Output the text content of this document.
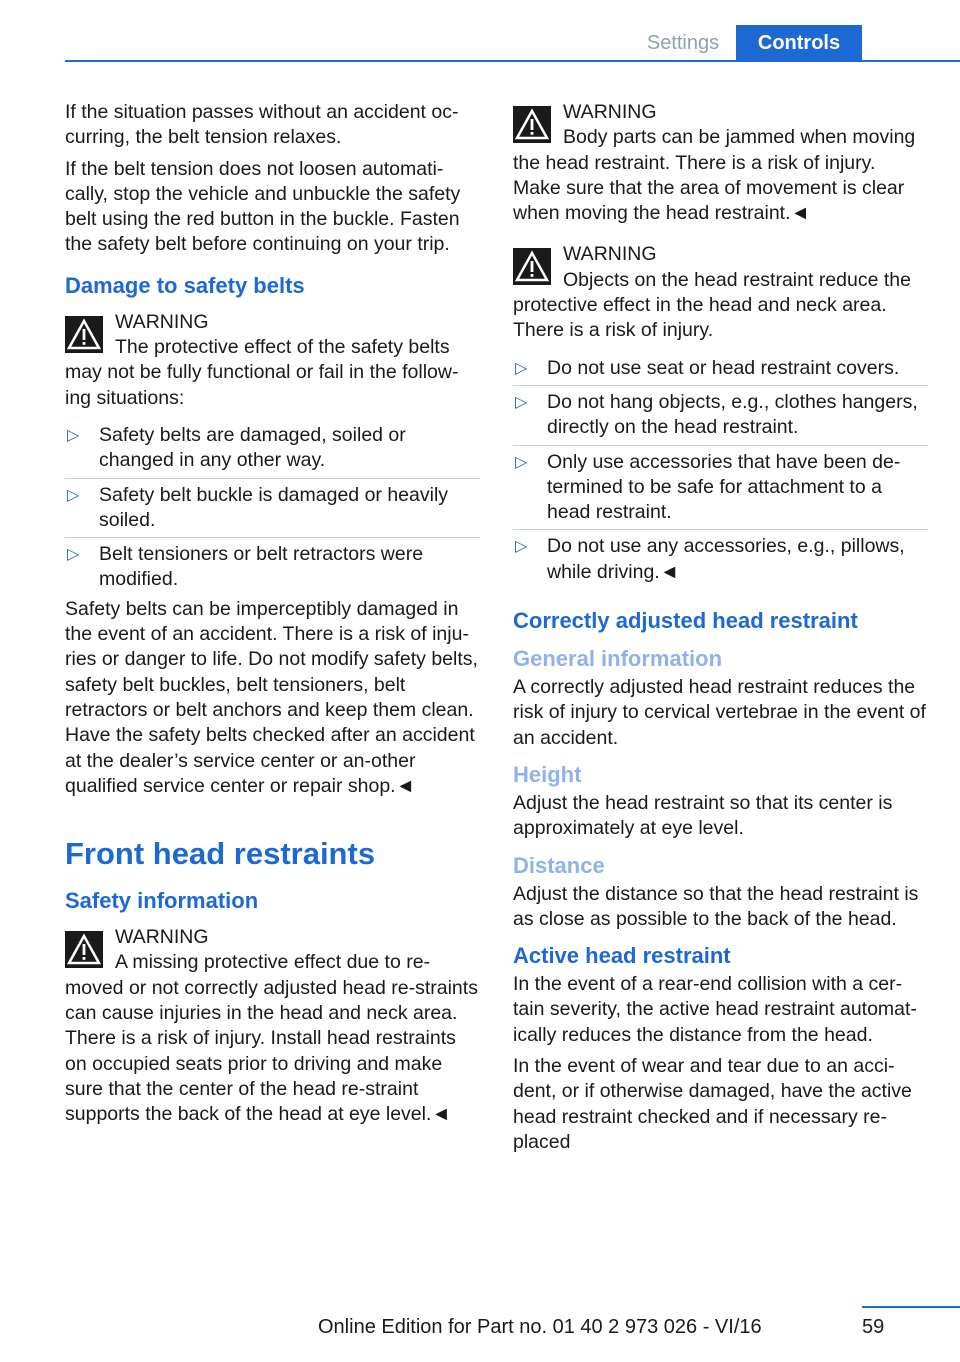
Settings	Controls

If the situation passes without an accident oc‐curring, the belt tension relaxes.

If the belt tension does not loosen automati‐cally, stop the vehicle and unbuckle the safety belt using the red button in the buckle. Fasten the safety belt before continuing on your trip.

Damage to safety belts
WARNING
The protective effect of the safety belts may not be fully functional or fail in the follow‐ing situations:
▷ Safety belts are damaged, soiled or changed in any other way.
▷ Safety belt buckle is damaged or heavily soiled.
▷ Belt tensioners or belt retractors were modified.

Safety belts can be imperceptibly damaged in the event of an accident. There is a risk of inju‐ries or danger to life. Do not modify safety belts, safety belt buckles, belt tensioners, belt retractors or belt anchors and keep them clean. Have the safety belts checked after an accident at the dealer’s service center or an‐other qualified service center or repair shop.◄

Front head restraints
Safety information
WARNING
A missing protective effect due to re‐moved or not correctly adjusted head re‐straints can cause injuries in the head and neck area. There is a risk of injury. Install head restraints on occupied seats prior to driving and make sure that the center of the head re‐straint supports the back of the head at eye level.◄
WARNING
Body parts can be jammed when moving the head restraint. There is a risk of injury. Make sure that the area of movement is clear when moving the head restraint.◄
WARNING
Objects on the head restraint reduce the protective effect in the head and neck area. There is a risk of injury.
▷ Do not use seat or head restraint covers.
▷ Do not hang objects, e.g., clothes hangers, directly on the head restraint.
▷ Only use accessories that have been de‐termined to be safe for attachment to a head restraint.
▷ Do not use any accessories, e.g., pillows, while driving.◄
Correctly adjusted head restraint
General information

A correctly adjusted head restraint reduces the risk of injury to cervical vertebrae in the event of an accident.

Height

Adjust the head restraint so that its center is approximately at eye level.

Distance

Adjust the distance so that the head restraint is as close as possible to the back of the head.

Active head restraint

In the event of a rear-end collision with a cer‐tain severity, the active head restraint automat‐ically reduces the distance from the head.

In the event of wear and tear due to an acci‐dent, or if otherwise damaged, have the active head restraint checked and if necessary re‐placed

59
Online Edition for Part no. 01 40 2 973 026 - VI/16
